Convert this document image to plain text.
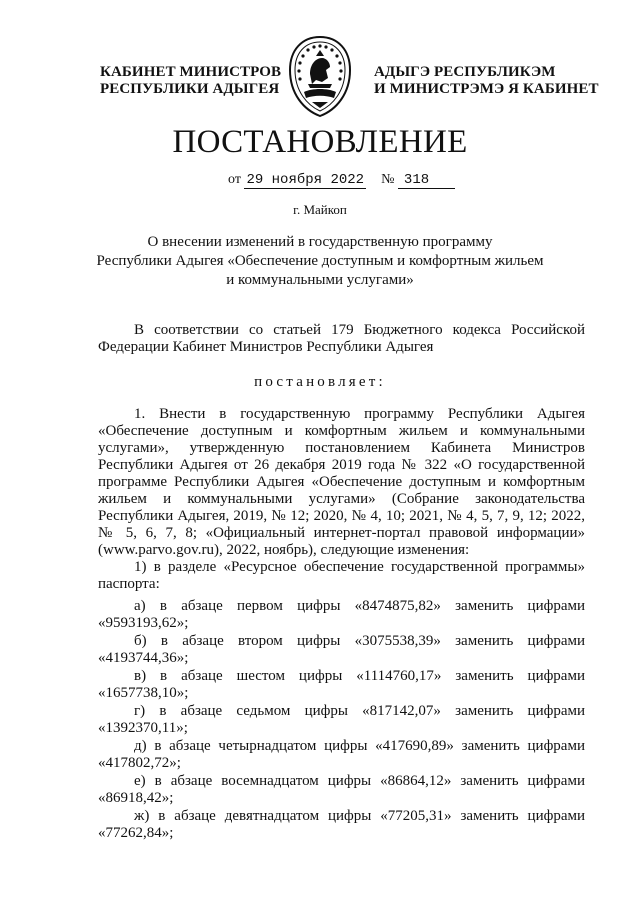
КАБИНЕТ МИНИСТРОВ
РЕСПУБЛИКИ АДЫГЕЯ
АДЫГЭ РЕСПУБЛИКЭМ
И МИНИСТРЭМЭ Я КАБИНЕТ
ПОСТАНОВЛЕНИЕ
от 29 ноября 2022 № 318
г. Майкоп
О внесении изменений в государственную программу
Республики Адыгея «Обеспечение доступным и комфортным жильем
и коммунальными услугами»
В соответствии со статьей 179 Бюджетного кодекса Российской
Федерации Кабинет Министров Республики Адыгея
постановляет:
1. Внести в государственную программу Республики Адыгея
«Обеспечение доступным и комфортным жильем и коммунальными
услугами», утвержденную постановлением Кабинета Министров
Республики Адыгея от 26 декабря 2019 года № 322 «О государственной
программе Республики Адыгея «Обеспечение доступным и комфортным
жильем и коммунальными услугами» (Собрание законодательства
Республики Адыгея, 2019, № 12; 2020, № 4, 10; 2021, № 4, 5, 7, 9, 12; 2022,
№ 5, 6, 7, 8; «Официальный интернет-портал правовой информации»
(www.parvo.gov.ru), 2022, ноябрь), следующие изменения:
1) в разделе «Ресурсное обеспечение государственной программы»
паспорта:
а) в абзаце первом цифры «8474875,82» заменить цифрами
«9593193,62»;
б) в абзаце втором цифры «3075538,39» заменить цифрами
«4193744,36»;
в) в абзаце шестом цифры «1114760,17» заменить цифрами
«1657738,10»;
г) в абзаце седьмом цифры «817142,07» заменить цифрами
«1392370,11»;
д) в абзаце четырнадцатом цифры «417690,89» заменить цифрами
«417802,72»;
е) в абзаце восемнадцатом цифры «86864,12» заменить цифрами
«86918,42»;
ж) в абзаце девятнадцатом цифры «77205,31» заменить цифрами
«77262,84»;
